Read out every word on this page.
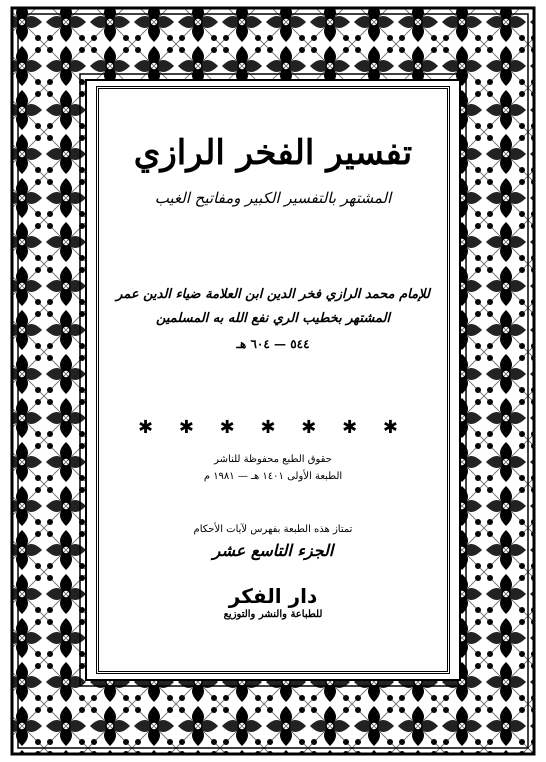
تفسير الفخر الرازي
المشتهر بالتفسير الكبير ومفاتيح الغيب
للإمام محمد الرازي فخر الدين ابن العلامة ضياء الدين عمر
المشتهر بخطيب الري نفع الله به المسلمين
٥٤٤ — ٦٠٤ هـ
✱ ✱ ✱ ✱ ✱ ✱ ✱
حقوق الطبع محفوظة للناشر
الطبعة الأولى ١٤٠١ هـ — ١٩٨١ م
تمتاز هذه الطبعة بفهرس لآيات الأحكام
الجزء التاسع عشر
دار الفكر
للطباعة والنشر والتوزيع
